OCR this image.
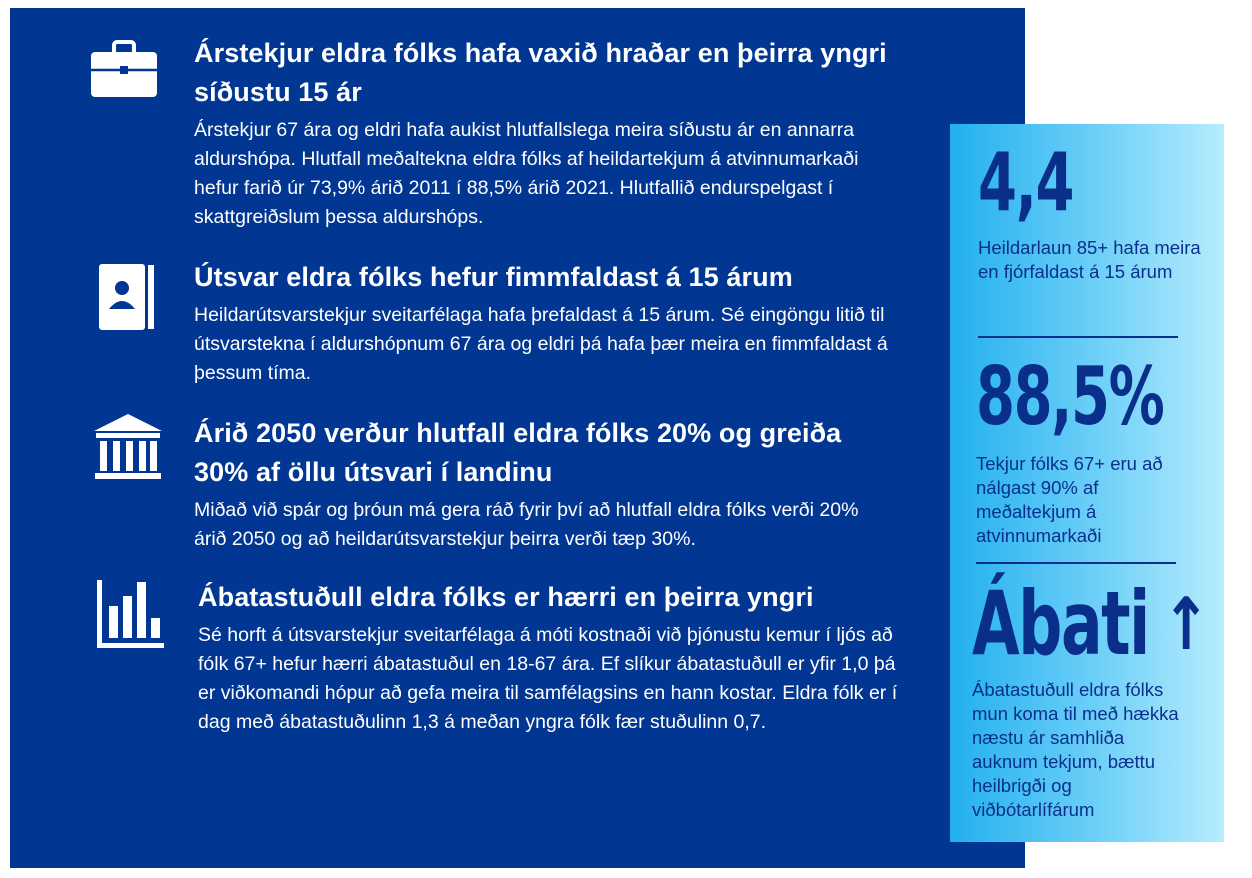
Árstekjur eldra fólks hafa vaxið hraðar en þeirra yngri síðustu 15 ár

Árstekjur 67 ára og eldri hafa aukist hlutfallslega meira síðustu ár en annarra aldurshópa. Hlutfall meðaltekna eldra fólks af heildartekjum á atvinnumarkaði hefur farið úr 73,9% árið 2011 í 88,5% árið 2021. Hlutfallið endurspelgast í skattgreiðslum þessa aldurshóps.

Útsvar eldra fólks hefur fimmfaldast á 15 árum

Heildarútsvarstekjur sveitarfélaga hafa þrefaldast á 15 árum. Sé eingöngu litið til útsvarstekna í aldurshópnum 67 ára og eldri þá hafa þær meira en fimmfaldast á þessum tíma.

Árið 2050 verður hlutfall eldra fólks 20% og greiða 30% af öllu útsvari í landinu

Miðað við spár og þróun má gera ráð fyrir því að hlutfall eldra fólks verði 20% árið 2050 og að heildarútsvarstekjur þeirra verði tæp 30%.

Ábatastuðull eldra fólks er hærri en þeirra yngri

Sé horft á útsvarstekjur sveitarfélaga á móti kostnaði við þjónustu kemur í ljós að fólk 67+ hefur hærri ábatastuðul en 18-67 ára. Ef slíkur ábatastuðull er yfir 1,0 þá er viðkomandi hópur að gefa meira til samfélagsins en hann kostar. Eldra fólk er í dag með ábatastuðulinn 1,3 á meðan yngra fólk fær stuðulinn 0,7.

4,4
Heildarlaun 85+ hafa meira en fjórfaldast á 15 árum
88,5%
Tekjur fólks 67+ eru að nálgast 90% af meðaltekjum á atvinnumarkaði
Ábati ↑
Ábatastuðull eldra fólks mun koma til með hækka næstu ár samhliða auknum tekjum, bættu heilbrigði og viðbótarlífárum
